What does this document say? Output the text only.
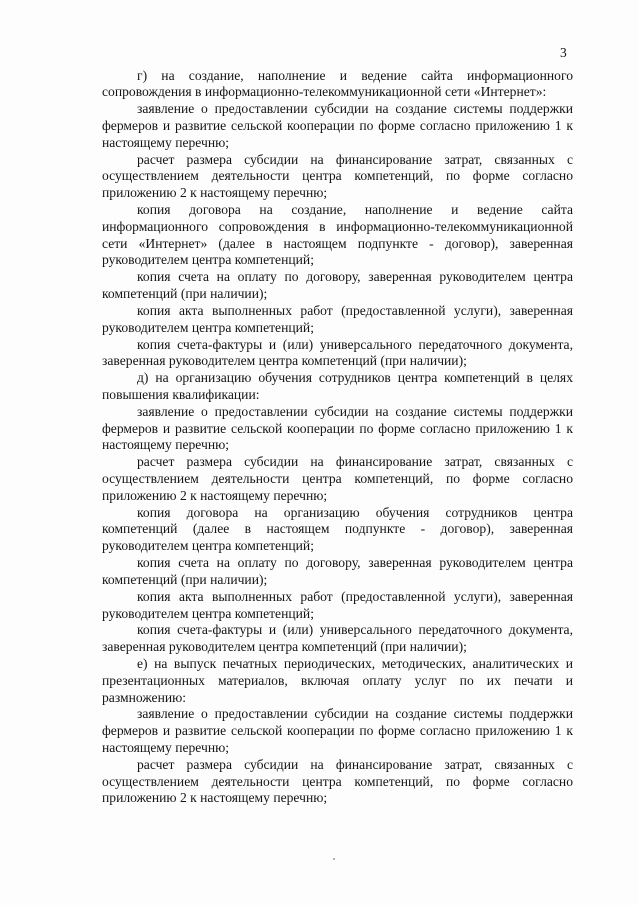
3

г) на создание, наполнение и ведение сайта информационного сопровождения в информационно-телекоммуникационной сети «Интернет»:

заявление о предоставлении субсидии на создание системы поддержки фермеров и развитие сельской кооперации по форме согласно приложению 1 к настоящему перечню;

расчет размера субсидии на финансирование затрат, связанных с осуществлением деятельности центра компетенций, по форме согласно приложению 2 к настоящему перечню;

копия договора на создание, наполнение и ведение сайта информационного сопровождения в информационно-телекоммуникационной сети «Интернет» (далее в настоящем подпункте - договор), заверенная руководителем центра компетенций;

копия счета на оплату по договору, заверенная руководителем центра компетенций (при наличии);

копия акта выполненных работ (предоставленной услуги), заверенная руководителем центра компетенций;

копия счета-фактуры и (или) универсального передаточного документа, заверенная руководителем центра компетенций (при наличии);

д) на организацию обучения сотрудников центра компетенций в целях повышения квалификации:

заявление о предоставлении субсидии на создание системы поддержки фермеров и развитие сельской кооперации по форме согласно приложению 1 к настоящему перечню;

расчет размера субсидии на финансирование затрат, связанных с осуществлением деятельности центра компетенций, по форме согласно приложению 2 к настоящему перечню;

копия договора на организацию обучения сотрудников центра компетенций (далее в настоящем подпункте - договор), заверенная руководителем центра компетенций;

копия счета на оплату по договору, заверенная руководителем центра компетенций (при наличии);

копия акта выполненных работ (предоставленной услуги), заверенная руководителем центра компетенций;

копия счета-фактуры и (или) универсального передаточного документа, заверенная руководителем центра компетенций (при наличии);

е) на выпуск печатных периодических, методических, аналитических и презентационных материалов, включая оплату услуг по их печати и размножению:

заявление о предоставлении субсидии на создание системы поддержки фермеров и развитие сельской кооперации по форме согласно приложению 1 к настоящему перечню;

расчет размера субсидии на финансирование затрат, связанных с осуществлением деятельности центра компетенций, по форме согласно приложению 2 к настоящему перечню;
